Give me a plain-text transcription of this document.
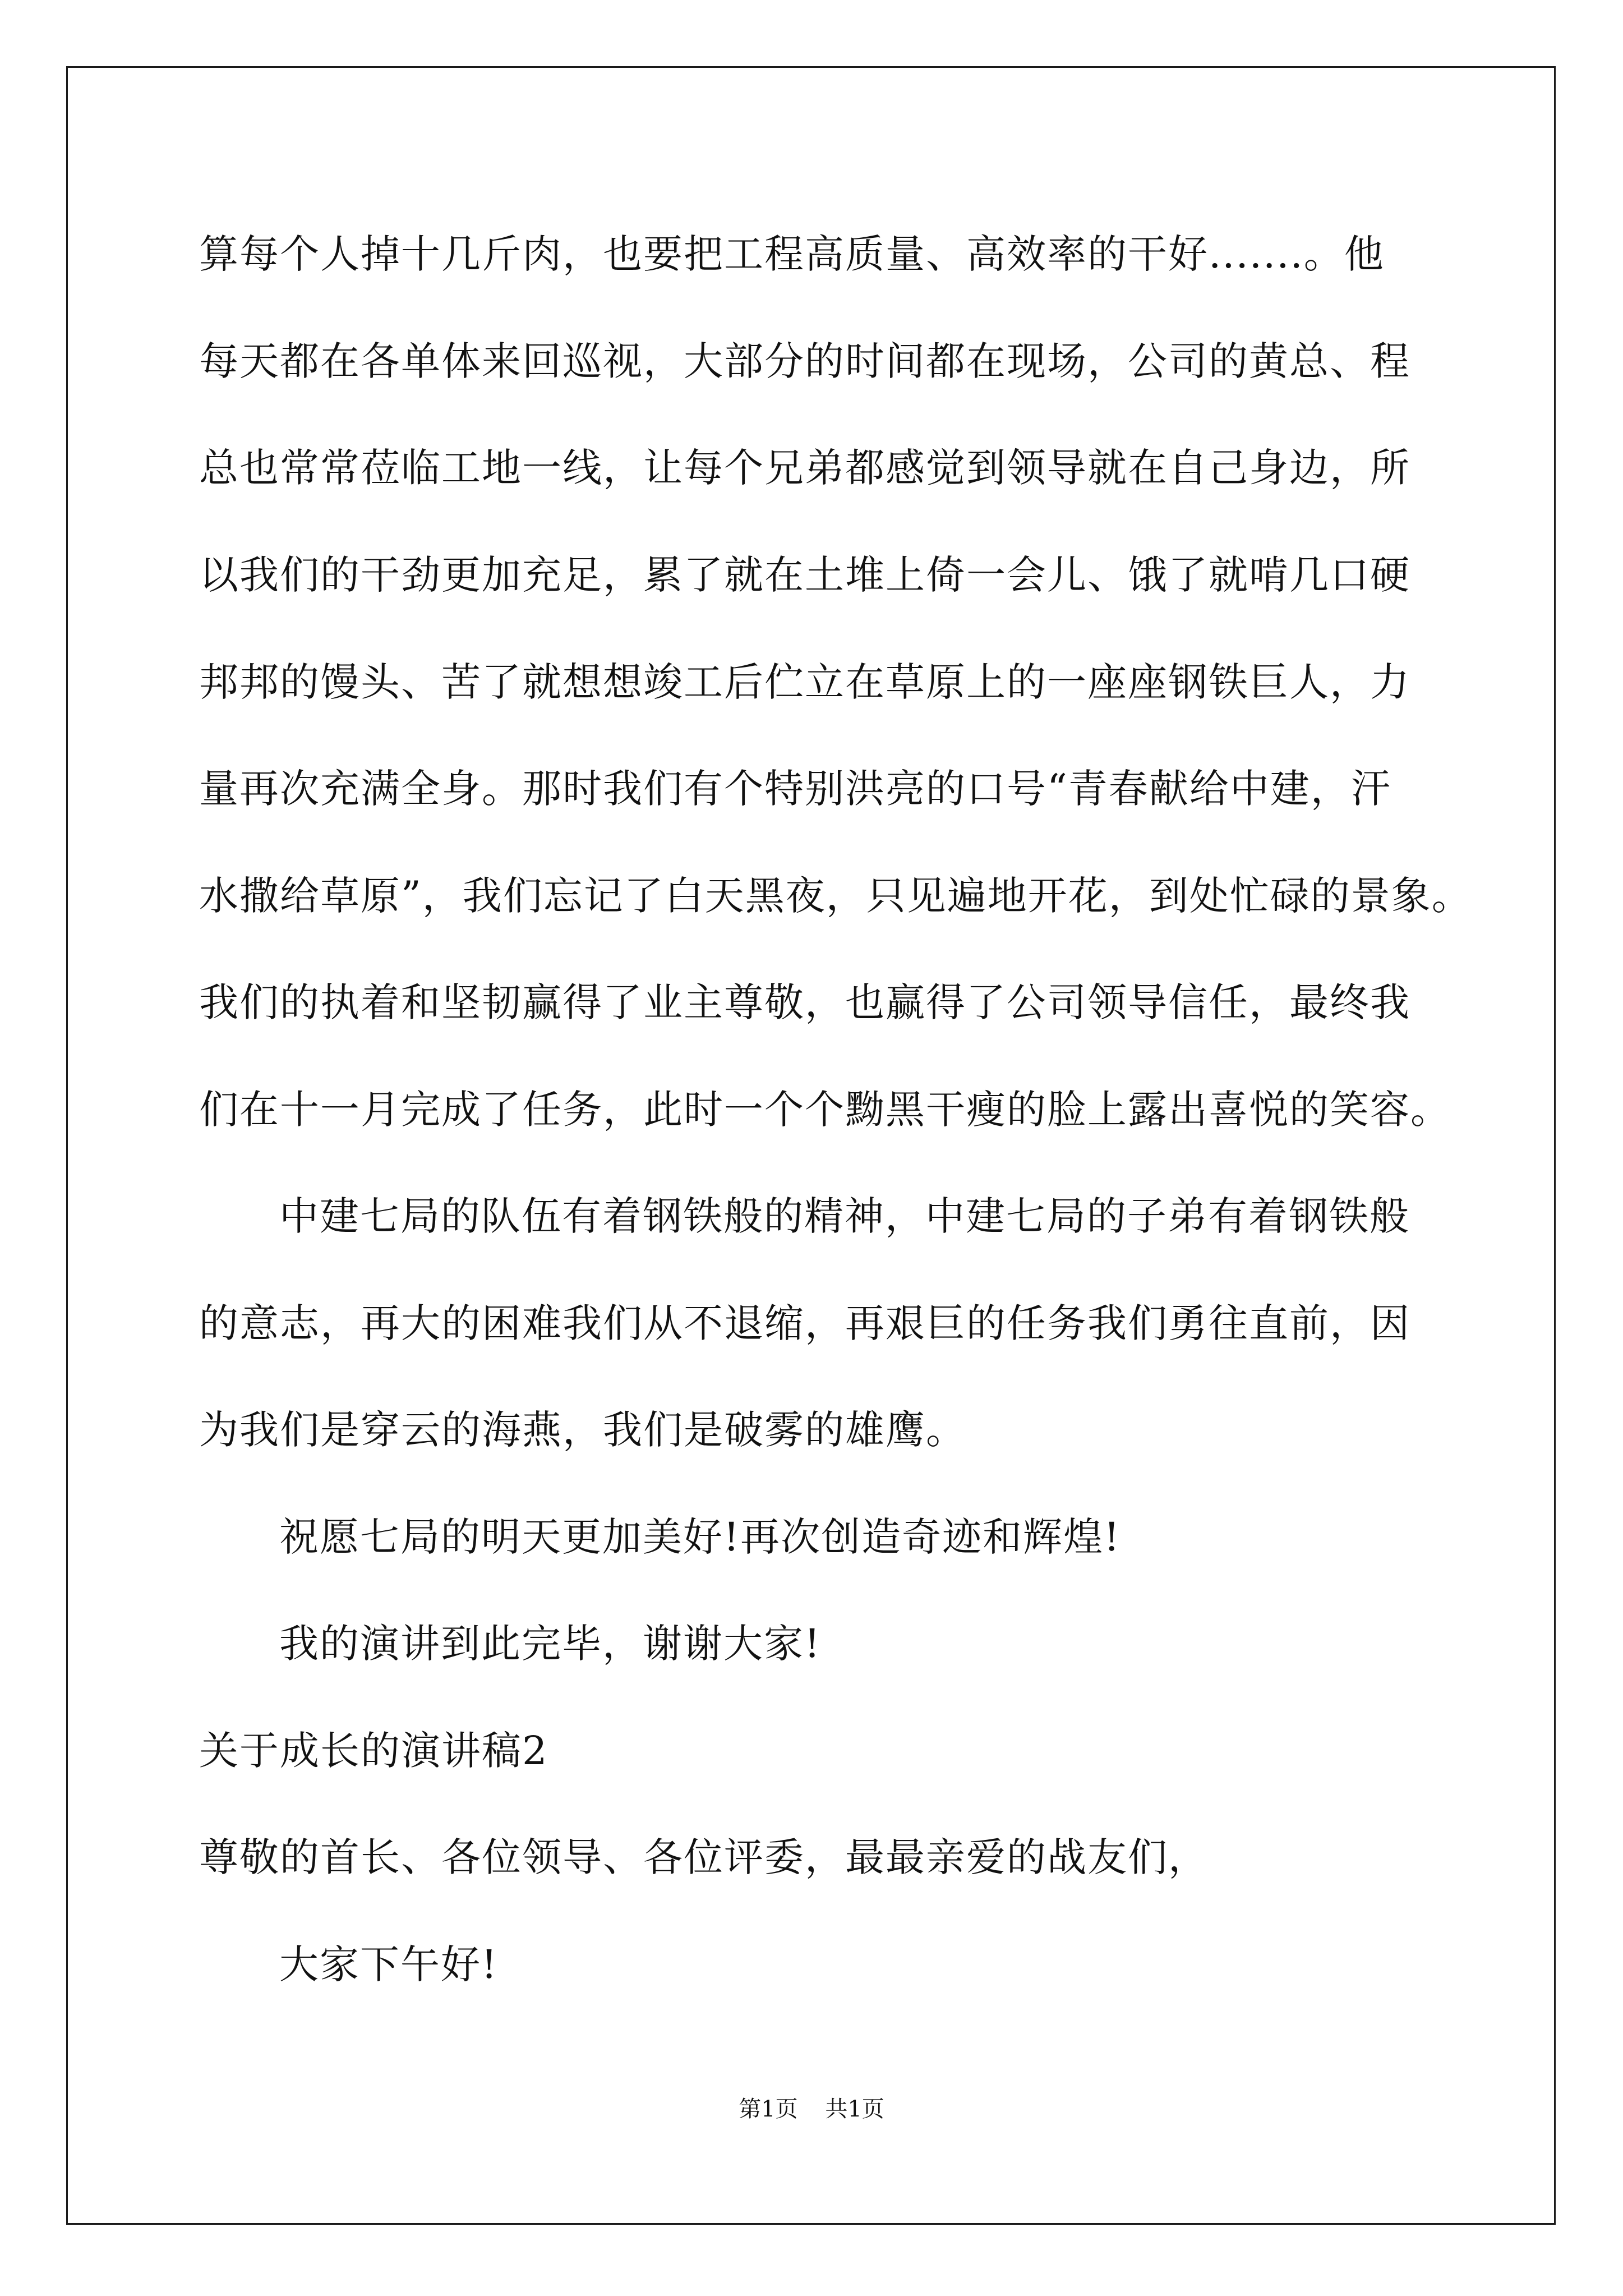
算每个人掉十几斤肉，也要把工程高质量、高效率的干好.......。他
每天都在各单体来回巡视，大部分的时间都在现场，公司的黄总、程
总也常常莅临工地一线，让每个兄弟都感觉到领导就在自己身边，所
以我们的干劲更加充足，累了就在土堆上倚一会儿、饿了就啃几口硬
邦邦的馒头、苦了就想想竣工后伫立在草原上的一座座钢铁巨人，力
量再次充满全身。那时我们有个特别洪亮的口号“青春献给中建，汗
水撒给草原”，我们忘记了白天黑夜，只见遍地开花，到处忙碌的景象。
我们的执着和坚韧赢得了业主尊敬，也赢得了公司领导信任，最终我
们在十一月完成了任务，此时一个个黝黑干瘦的脸上露出喜悦的笑容。
中建七局的队伍有着钢铁般的精神，中建七局的子弟有着钢铁般
的意志，再大的困难我们从不退缩，再艰巨的任务我们勇往直前，因
为我们是穿云的海燕，我们是破雾的雄鹰。
祝愿七局的明天更加美好!再次创造奇迹和辉煌!
我的演讲到此完毕，谢谢大家!
关于成长的演讲稿2
尊敬的首长、各位领导、各位评委，最最亲爱的战友们，
大家下午好!
第1页 共1页
